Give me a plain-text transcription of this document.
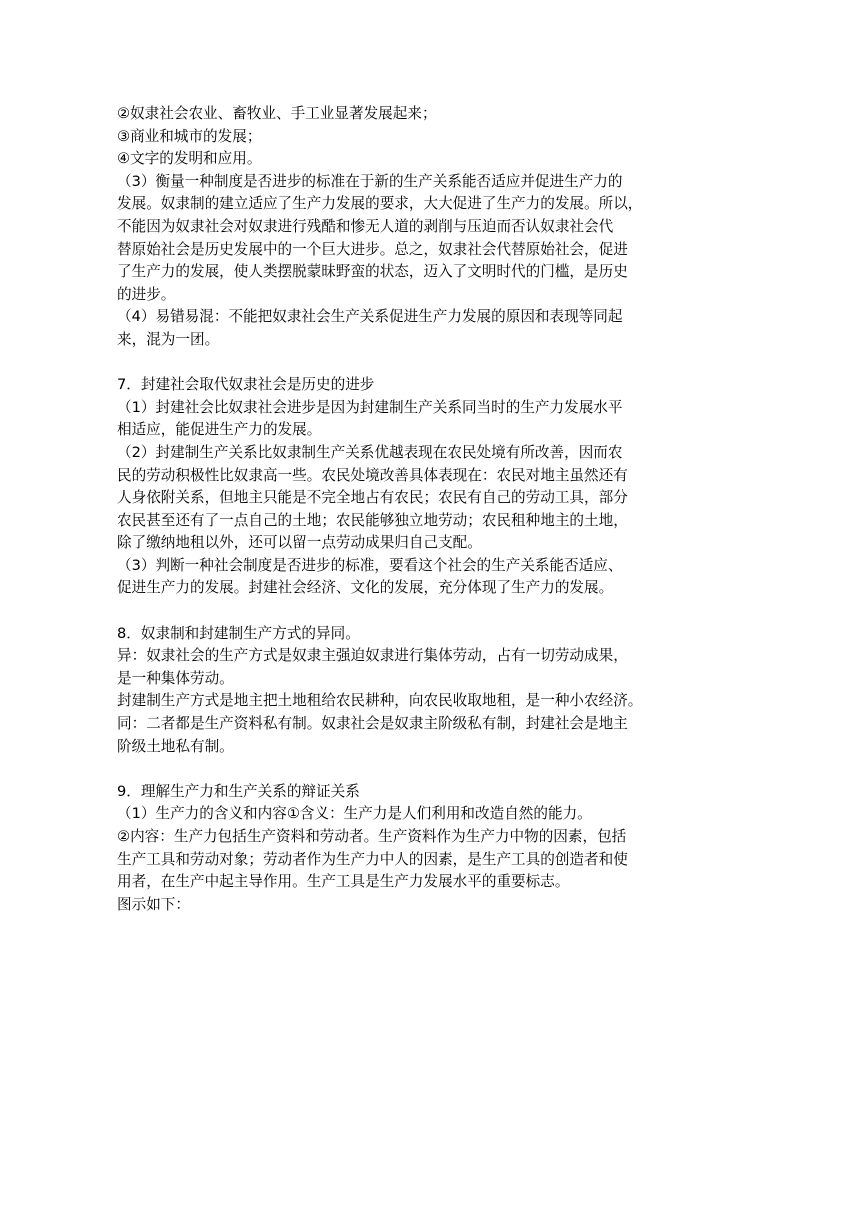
②奴隶社会农业、畜牧业、手工业显著发展起来；
③商业和城市的发展；
④文字的发明和应用。
（3）衡量一种制度是否进步的标准在于新的生产关系能否适应并促进生产力的
发展。奴隶制的建立适应了生产力发展的要求，大大促进了生产力的发展。所以，
不能因为奴隶社会对奴隶进行残酷和惨无人道的剥削与压迫而否认奴隶社会代
替原始社会是历史发展中的一个巨大进步。总之，奴隶社会代替原始社会，促进
了生产力的发展，使人类摆脱蒙昧野蛮的状态，迈入了文明时代的门槛，是历史
的进步。
（4）易错易混：不能把奴隶社会生产关系促进生产力发展的原因和表现等同起
来，混为一团。
7．封建社会取代奴隶社会是历史的进步
（1）封建社会比奴隶社会进步是因为封建制生产关系同当时的生产力发展水平
相适应，能促进生产力的发展。
（2）封建制生产关系比奴隶制生产关系优越表现在农民处境有所改善，因而农
民的劳动积极性比奴隶高一些。农民处境改善具体表现在：农民对地主虽然还有
人身依附关系，但地主只能是不完全地占有农民；农民有自己的劳动工具，部分
农民甚至还有了一点自己的土地；农民能够独立地劳动；农民租种地主的土地，
除了缴纳地租以外，还可以留一点劳动成果归自己支配。
（3）判断一种社会制度是否进步的标准，要看这个社会的生产关系能否适应、
促进生产力的发展。封建社会经济、文化的发展，充分体现了生产力的发展。
8．奴隶制和封建制生产方式的异同。
异：奴隶社会的生产方式是奴隶主强迫奴隶进行集体劳动，占有一切劳动成果，
是一种集体劳动。
封建制生产方式是地主把土地租给农民耕种，向农民收取地租，是一种小农经济。
同：二者都是生产资料私有制。奴隶社会是奴隶主阶级私有制，封建社会是地主
阶级土地私有制。
9．理解生产力和生产关系的辩证关系
（1）生产力的含义和内容①含义：生产力是人们利用和改造自然的能力。
②内容：生产力包括生产资料和劳动者。生产资料作为生产力中物的因素，包括
生产工具和劳动对象；劳动者作为生产力中人的因素，是生产工具的创造者和使
用者，在生产中起主导作用。生产工具是生产力发展水平的重要标志。
图示如下：
